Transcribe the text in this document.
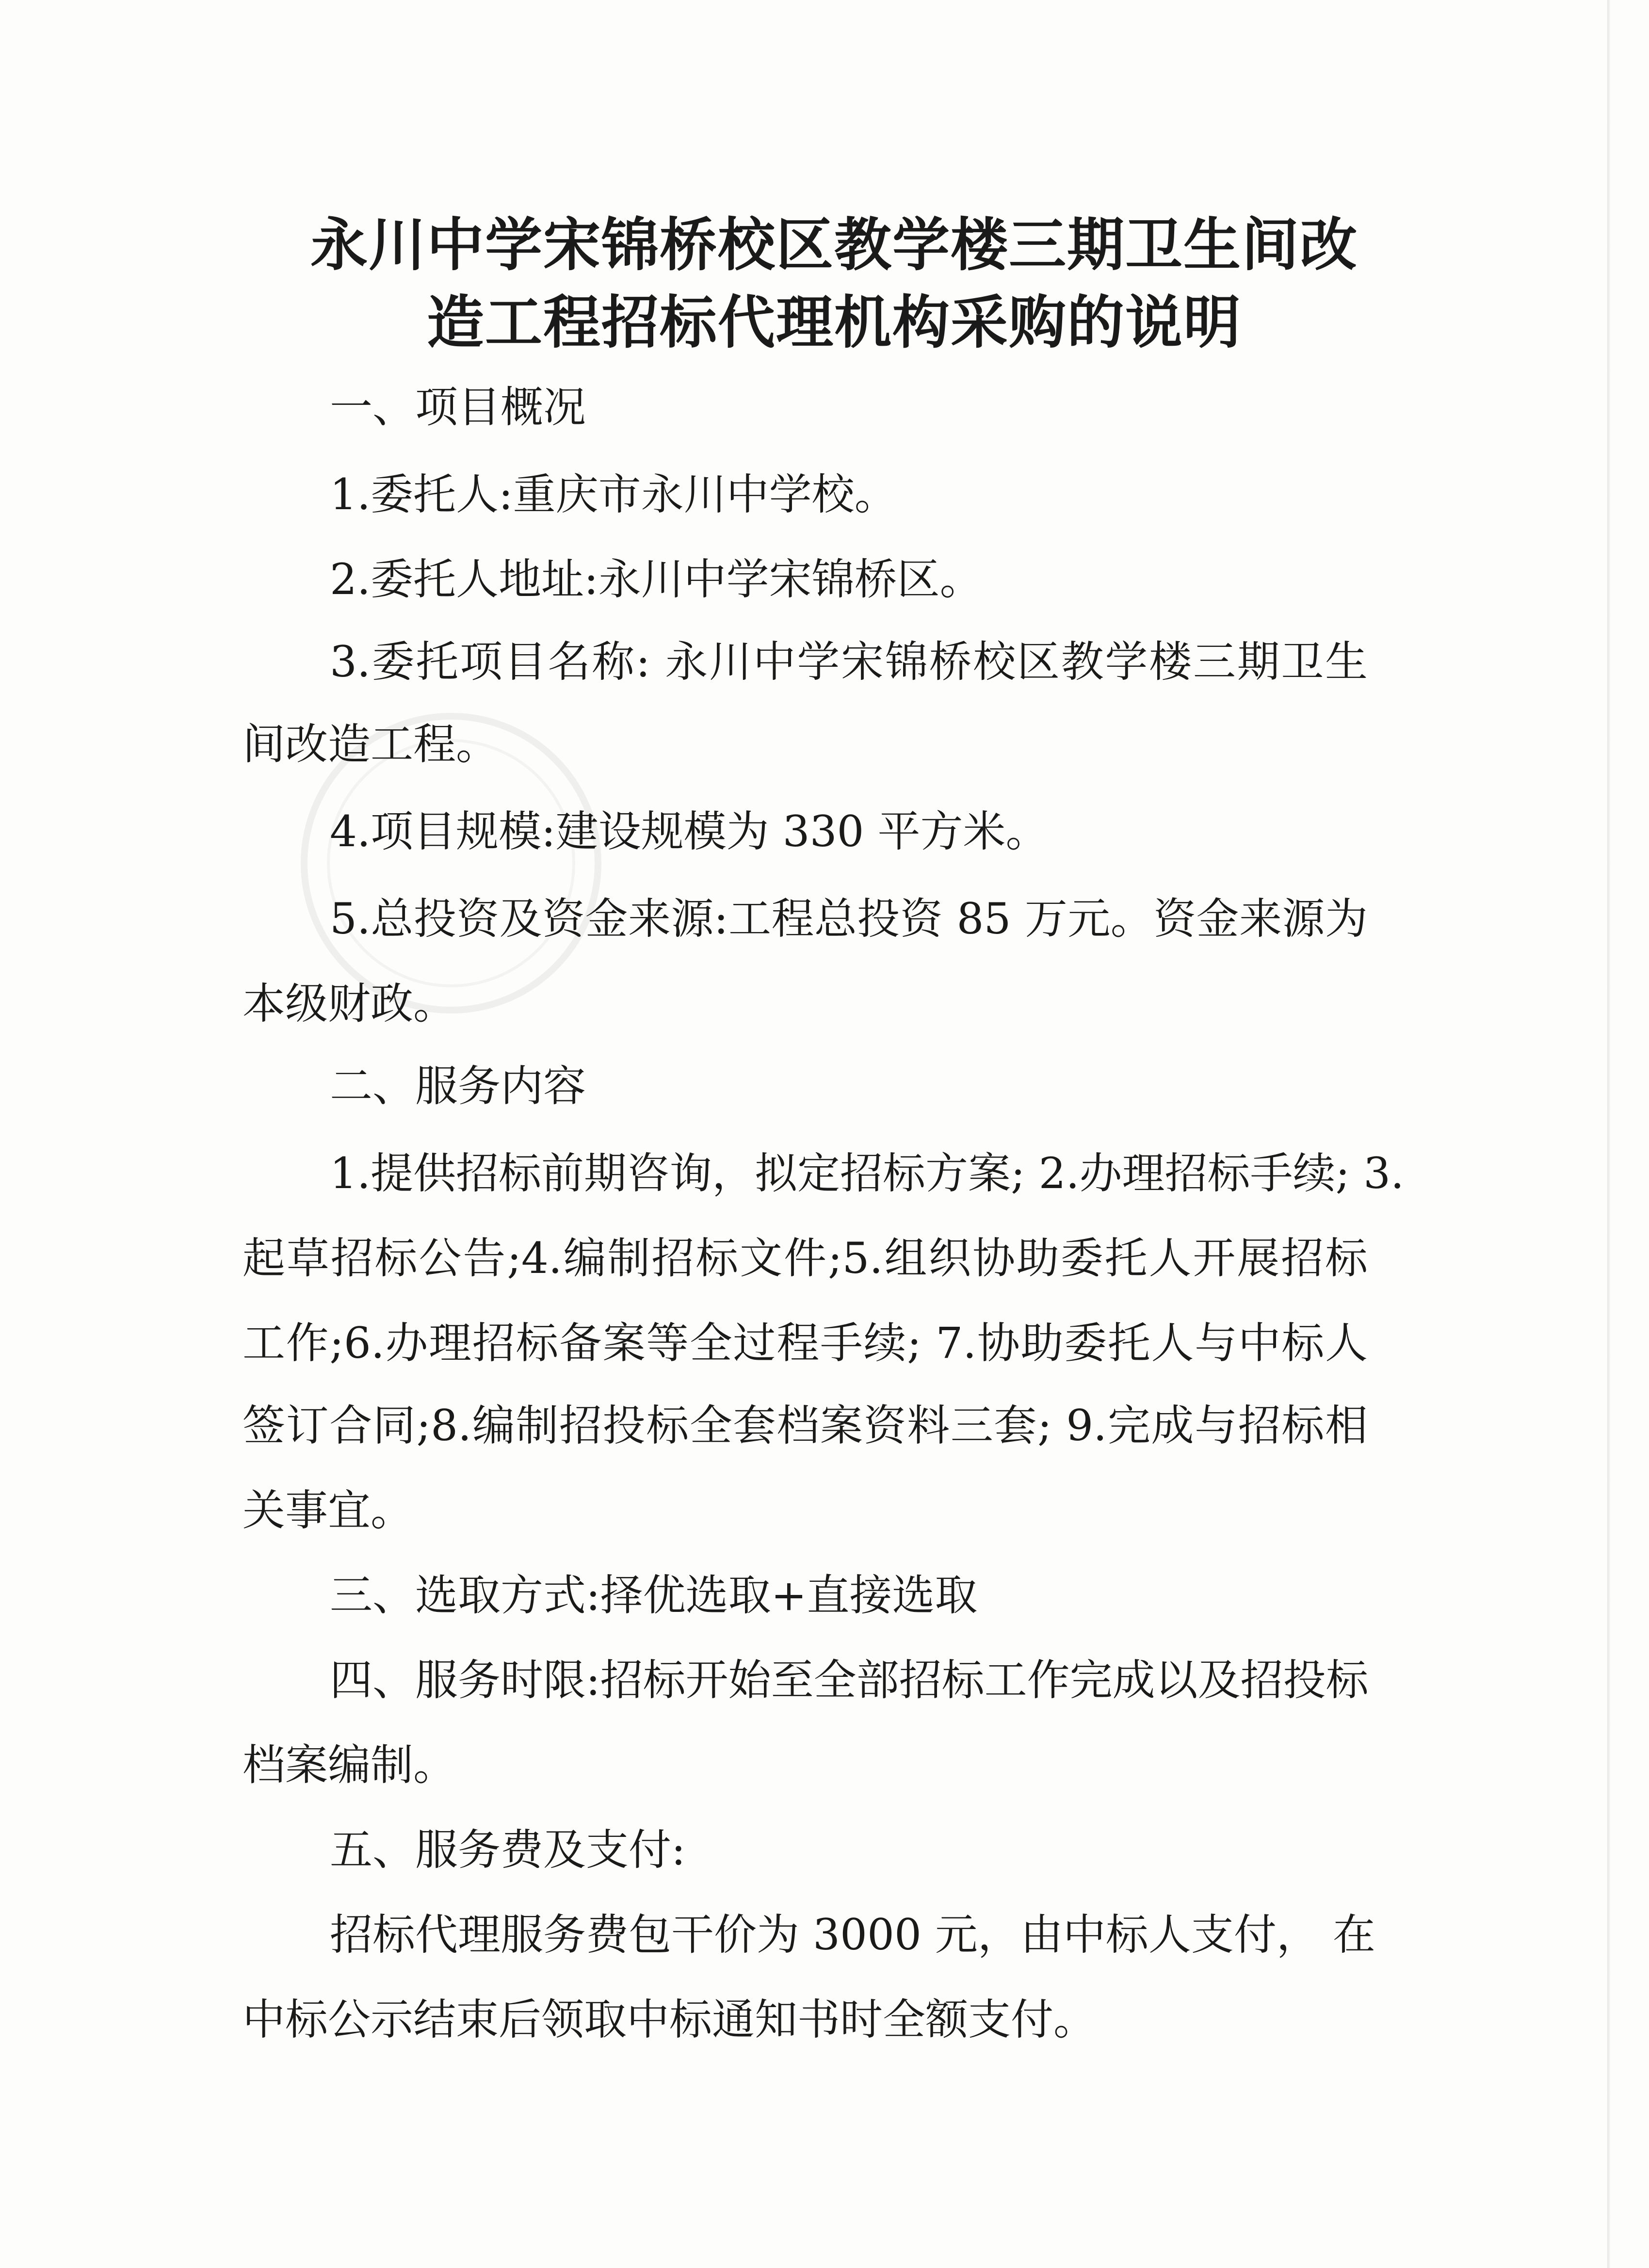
永川中学宋锦桥校区教学楼三期卫生间改
造工程招标代理机构采购的说明
一、项目概况
1.委托人:重庆市永川中学校。
2.委托人地址:永川中学宋锦桥区。
3.委托项目名称: 永川中学宋锦桥校区教学楼三期卫生
间改造工程。
4.项目规模:建设规模为 330 平方米。
5.总投资及资金来源:工程总投资 85 万元。资金来源为
本级财政。
二、服务内容
1.提供招标前期咨询，拟定招标方案; 2.办理招标手续; 3.
起草招标公告;4.编制招标文件;5.组织协助委托人开展招标
工作;6.办理招标备案等全过程手续; 7.协助委托人与中标人
签订合同;8.编制招投标全套档案资料三套; 9.完成与招标相
关事宜。
三、选取方式:择优选取+直接选取
四、服务时限:招标开始至全部招标工作完成以及招投标
档案编制。
五、服务费及支付:
招标代理服务费包干价为 3000 元，由中标人支付， 在
中标公示结束后领取中标通知书时全额支付。
